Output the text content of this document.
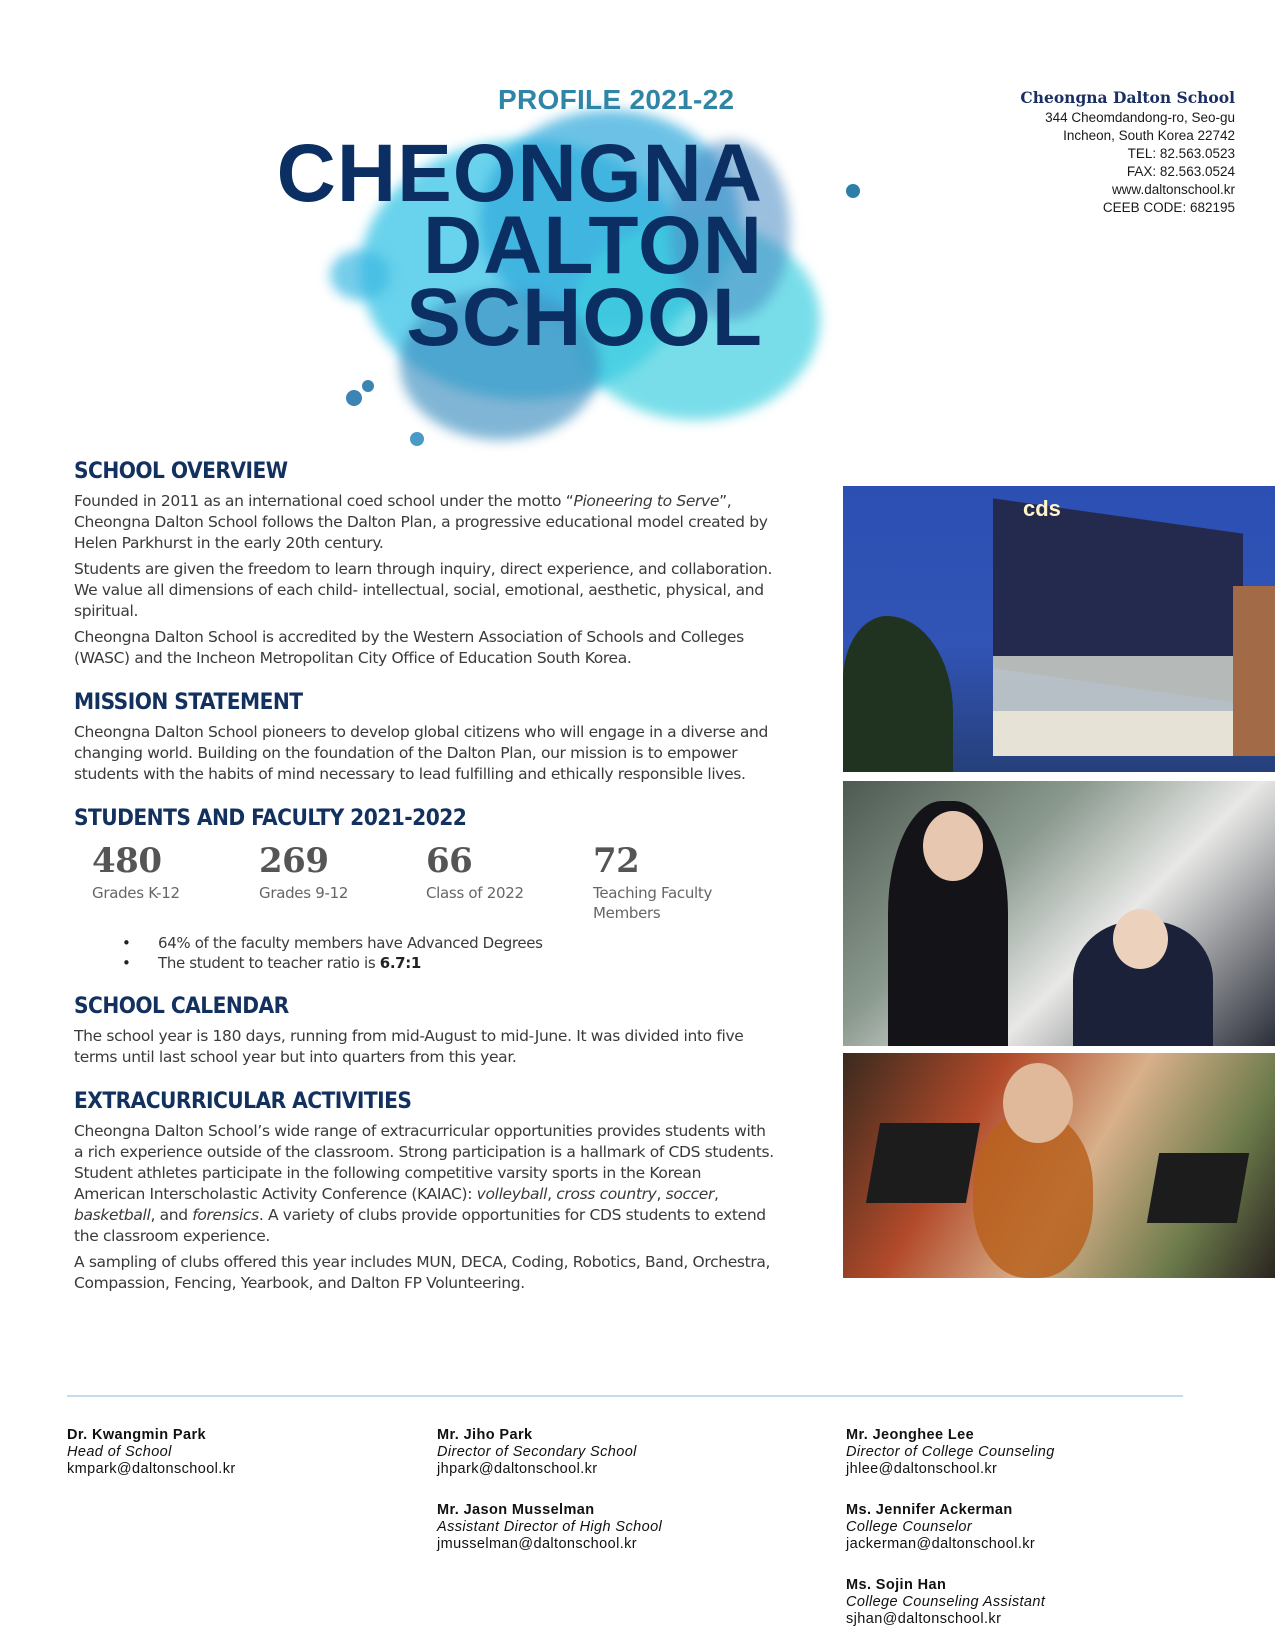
PROFILE 2021-22
CHEONGNA
DALTON
SCHOOL
Cheongna Dalton School
344 Cheomdandong-ro, Seo-gu
Incheon, South Korea 22742
TEL: 82.563.0523
FAX: 82.563.0524
www.daltonschool.kr
CEEB CODE: 682195
SCHOOL OVERVIEW

Founded in 2011 as an international coed school under the motto “Pioneering to Serve”, Cheongna Dalton School follows the Dalton Plan, a progressive educational model created by Helen Parkhurst in the early 20th century.

Students are given the freedom to learn through inquiry, direct experience, and collaboration. We value all dimensions of each child- intellectual, social, emotional, aesthetic, physical, and spiritual.

Cheongna Dalton School is accredited by the Western Association of Schools and Colleges (WASC) and the Incheon Metropolitan City Office of Education South Korea.

MISSION STATEMENT

Cheongna Dalton School pioneers to develop global citizens who will engage in a diverse and changing world. Building on the foundation of the Dalton Plan, our mission is to empower students with the habits of mind necessary to lead fulfilling and ethically responsible lives.

STUDENTS AND FACULTY 2021-2022
480
Grades K-12
269
Grades 9-12
66
Class of 2022
72
Teaching Faculty Members
• 64% of the faculty members have Advanced Degrees
• The student to teacher ratio is 6.7:1
SCHOOL CALENDAR

The school year is 180 days, running from mid-August to mid-June. It was divided into five terms until last school year but into quarters from this year.

EXTRACURRICULAR ACTIVITIES

Cheongna Dalton School’s wide range of extracurricular opportunities provides students with a rich experience outside of the classroom. Strong participation is a hallmark of CDS students. Student athletes participate in the following competitive varsity sports in the Korean American Interscholastic Activity Conference (KAIAC): volleyball, cross country, soccer, basketball, and forensics. A variety of clubs provide opportunities for CDS students to extend the classroom experience.

A sampling of clubs offered this year includes MUN, DECA, Coding, Robotics, Band, Orchestra, Compassion, Fencing, Yearbook, and Dalton FP Volunteering.

cds
Dr. Kwangmin Park
Head of School
kmpark@daltonschool.kr
Mr. Jiho Park
Director of Secondary School
jhpark@daltonschool.kr
Mr. Jason Musselman
Assistant Director of High School
jmusselman@daltonschool.kr
Mr. Jeonghee Lee
Director of College Counseling
jhlee@daltonschool.kr
Ms. Jennifer Ackerman
College Counselor
jackerman@daltonschool.kr
Ms. Sojin Han
College Counseling Assistant
sjhan@daltonschool.kr
